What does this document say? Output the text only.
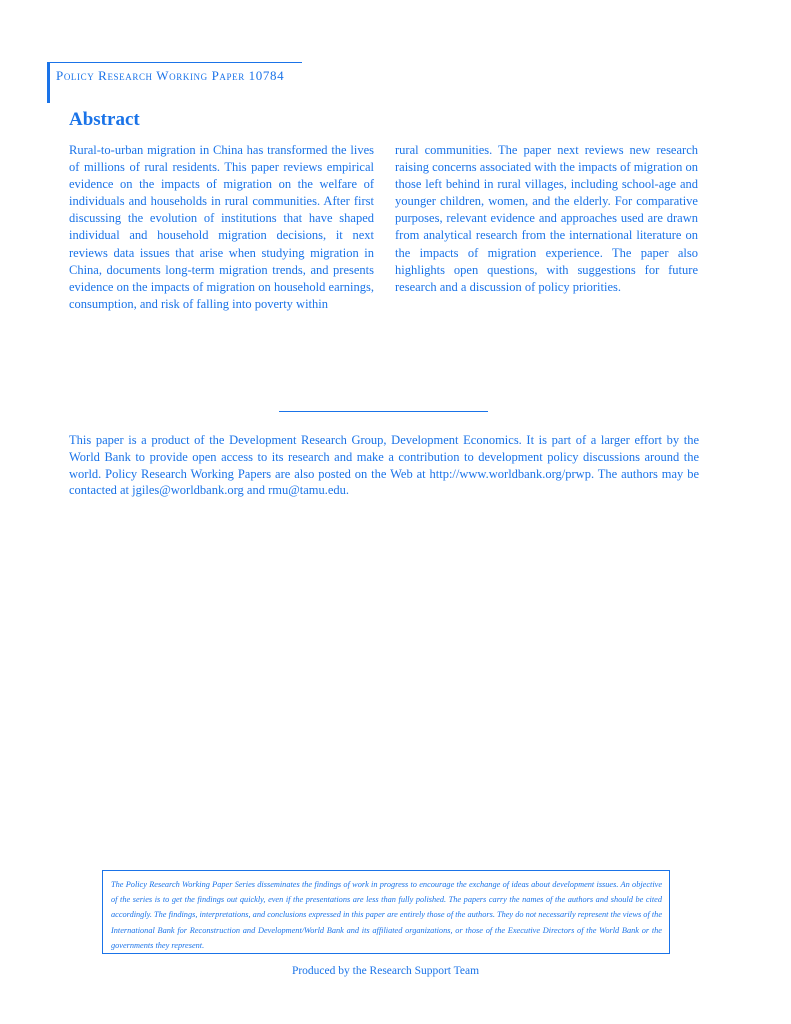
Policy Research Working Paper 10784
Abstract
Rural-to-urban migration in China has transformed the lives of millions of rural residents. This paper reviews empirical evidence on the impacts of migration on the welfare of individuals and households in rural communities. After first discussing the evolution of institutions that have shaped individual and household migration decisions, it next reviews data issues that arise when studying migration in China, documents long-term migration trends, and presents evidence on the impacts of migration on household earnings, consumption, and risk of falling into poverty within
rural communities. The paper next reviews new research raising concerns associated with the impacts of migration on those left behind in rural villages, including school-age and younger children, women, and the elderly. For comparative purposes, relevant evidence and approaches used are drawn from analytical research from the international literature on the impacts of migration experience. The paper also highlights open questions, with suggestions for future research and a discussion of policy priorities.
This paper is a product of the Development Research Group, Development Economics. It is part of a larger effort by the World Bank to provide open access to its research and make a contribution to development policy discussions around the world. Policy Research Working Papers are also posted on the Web at http://www.worldbank.org/prwp. The authors may be contacted at jgiles@worldbank.org and rmu@tamu.edu.
The Policy Research Working Paper Series disseminates the findings of work in progress to encourage the exchange of ideas about development issues. An objective of the series is to get the findings out quickly, even if the presentations are less than fully polished. The papers carry the names of the authors and should be cited accordingly. The findings, interpretations, and conclusions expressed in this paper are entirely those of the authors. They do not necessarily represent the views of the International Bank for Reconstruction and Development/World Bank and its affiliated organizations, or those of the Executive Directors of the World Bank or the governments they represent.
Produced by the Research Support Team
